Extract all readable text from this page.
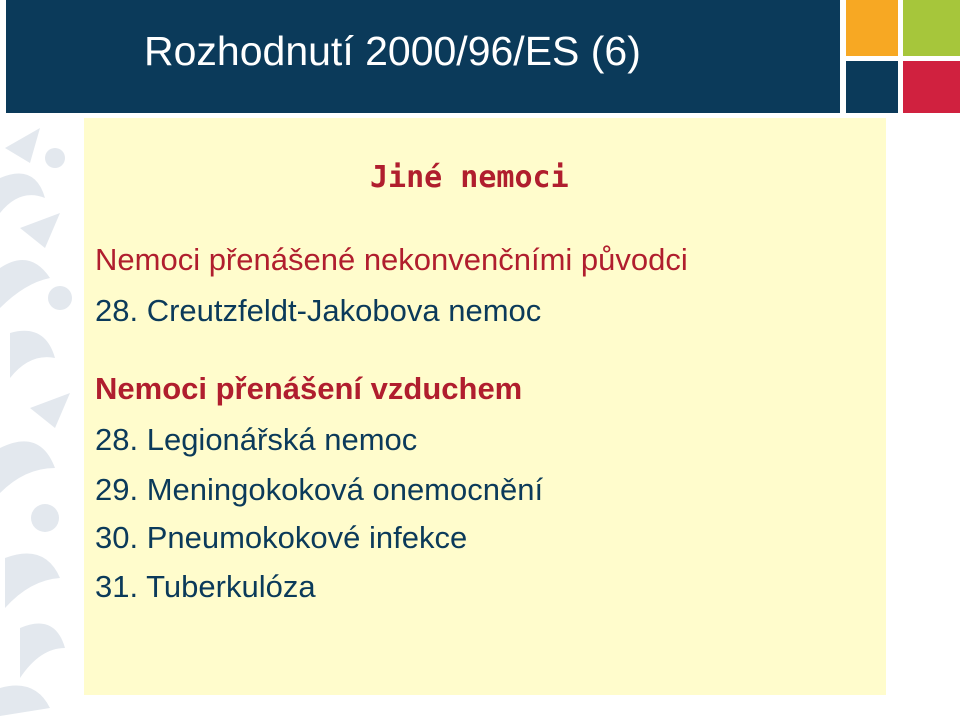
Rozhodnutí 2000/96/ES (6)
Jiné nemoci
Nemoci přenášené nekonvenčními původci
28. Creutzfeldt-Jakobova nemoc
Nemoci přenášení vzduchem
28. Legionářská nemoc
29. Meningokoková onemocnění
30. Pneumokokové infekce
31. Tuberkulóza
